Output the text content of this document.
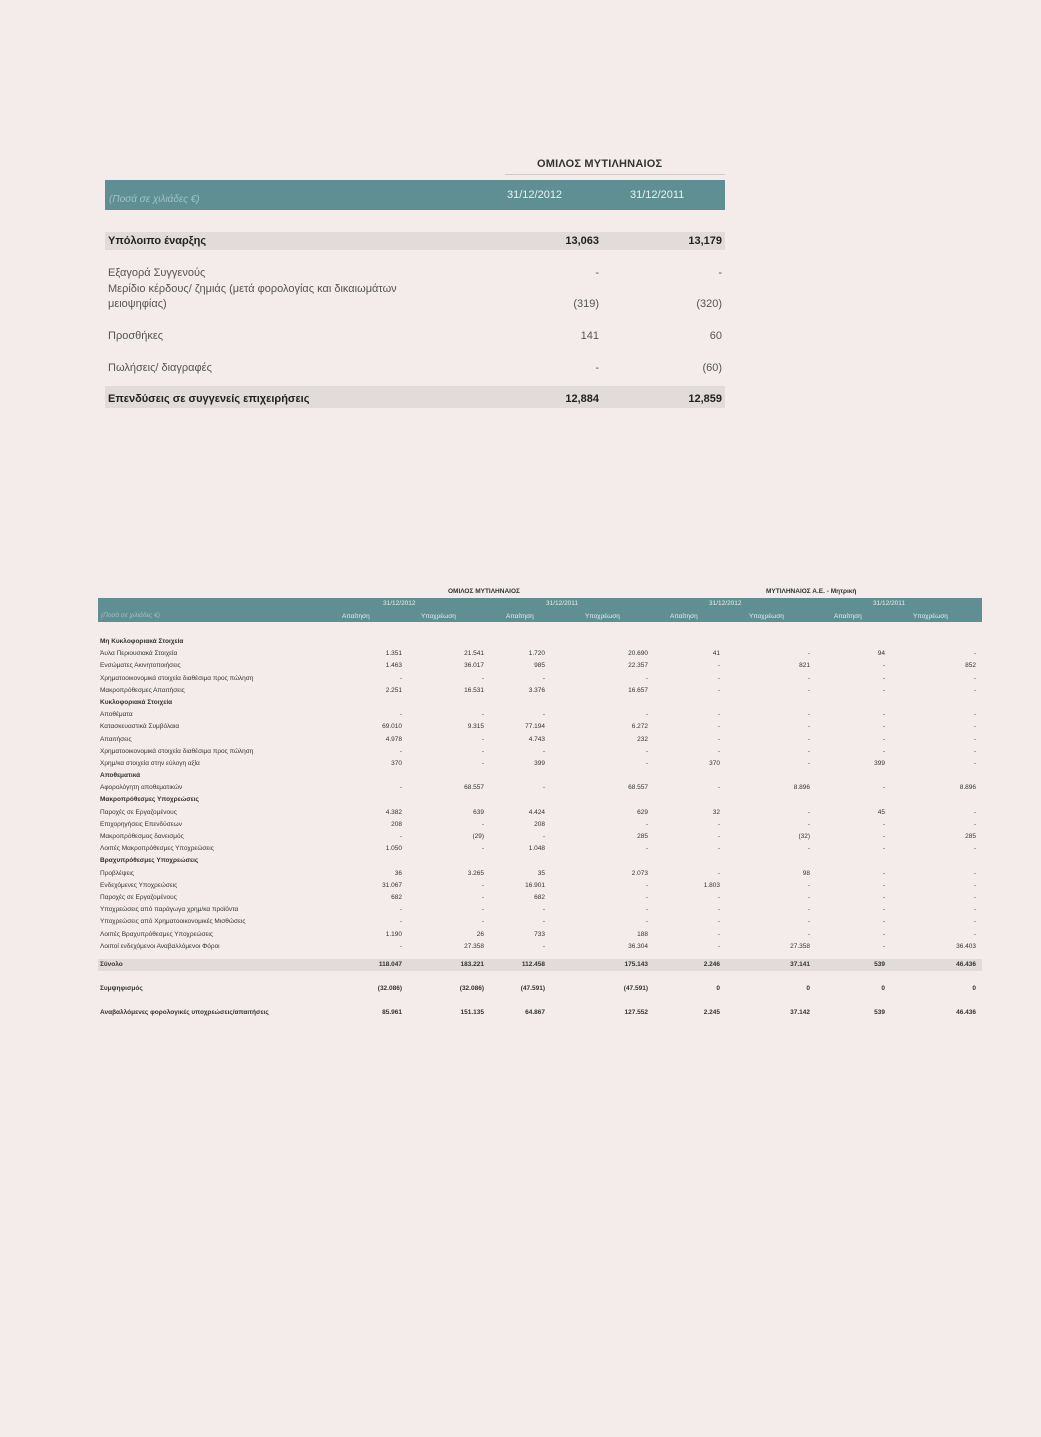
ΟΜΙΛΟΣ ΜΥΤΙΛΗΝΑΙΟΣ
(Ποσά σε χιλιάδες €)	31/12/2012	31/12/2011
Υπόλοιπο έναρξης	13,063	13,179
Εξαγορά Συγγενούς	-	-
Μερίδιο κέρδους/ ζημιάς (μετά φορολογίας και δικαιωμάτων
μειοψηφίας)	(319)	(320)
Προσθήκες	141	60
Πωλήσεις/ διαγραφές	-	(60)
Επενδύσεις σε συγγενείς επιχειρήσεις	12,884	12,859
ΟΜΙΛΟΣ ΜΥΤΙΛΗΝΑΙΟΣ	ΜΥΤΙΛΗΝΑΙΟΣ Α.Ε. - Μητρική
(Ποσά σε χιλιάδες €)
31/12/2012	31/12/2011	31/12/2012	31/12/2011
Απαίτηση	Υποχρέωση	Απαίτηση	Υποχρέωση	Απαίτηση	Υποχρέωση	Απαίτηση	Υποχρέωση
Μη Κυκλοφοριακά Στοιχεία
Άυλα Περιουσιακά Στοιχεία	1.351	21.541	1.720	20.690	41	-	94	-
Ενσώματες Ακινητοποιήσεις	1.463	36.017	985	22.357	-	821	-	852
Χρηματοοικονομικά στοιχεία διαθέσιμα προς πώληση	-	-	-	-	-	-	-	-
Μακροπρόθεσμες Απαιτήσεις	2.251	16.531	3.376	16.657	-	-	-	-
Κυκλοφοριακά Στοιχεία
Αποθέματα	-	-	-	-	-	-	-	-
Κατασκευαστικά Συμβόλαια	69.010	9.315	77.194	6.272	-	-	-	-
Απαιτήσεις	4.978	-	4.743	232	-	-	-	-
Χρηματοοικονομικά στοιχεία διαθέσιμα προς πώληση	-	-	-	-	-	-	-	-
Χρημ/κα στοιχεία στην εύλογη αξία	370	-	399	-	370	-	399	-
Αποθεματικά
Αφορολόγητη αποθεματικών	-	68.557	-	68.557	-	8.896	-	8.896
Μακροπρόθεσμες Υποχρεώσεις
Παροχές σε Εργαζομένους	4.382	639	4.424	629	32	-	45	-
Επιχορηγήσεις Επενδύσεων	208	-	208	-	-	-	-	-
Μακροπρόθεσμος δανεισμός	-	(29)	-	285	-	(32)	-	285
Λοιπές Μακροπρόθεσμες Υποχρεώσεις	1.050	-	1.048	-	-	-	-	-
Βραχυπρόθεσμες Υποχρεώσεις
Προβλέψεις	36	3.265	35	2.073	-	98	-	-
Ενδεχόμενες Υποχρεώσεις	31.067	-	16.901	-	1.803	-	-	-
Παροχές σε Εργαζομένους	682	-	682	-	-	-	-	-
Υποχρεώσεις από παράγωγα χρημ/κα προϊόντα	-	-	-	-	-	-	-	-
Υποχρεώσεις από Χρηματοοικονομικές Μισθώσεις	-	-	-	-	-	-	-	-
Λοιπές Βραχυπρόθεσμες Υποχρεώσεις	1.190	26	733	188	-	-	-	-
Λοιποί ενδεχόμενοι Αναβαλλόμενοι Φόροι	-	27.358	-	36.304	-	27.358	-	36.403
Σύνολο	118.047	183.221	112.458	175.143	2.246	37.141	539	46.436
Συμψηφισμός	(32.086)	(32.086)	(47.591)	(47.591)	0	0	0	0
Αναβαλλόμενες φορολογικές υποχρεώσεις/απαιτήσεις	85.961	151.135	64.867	127.552	2.245	37.142	539	46.436
